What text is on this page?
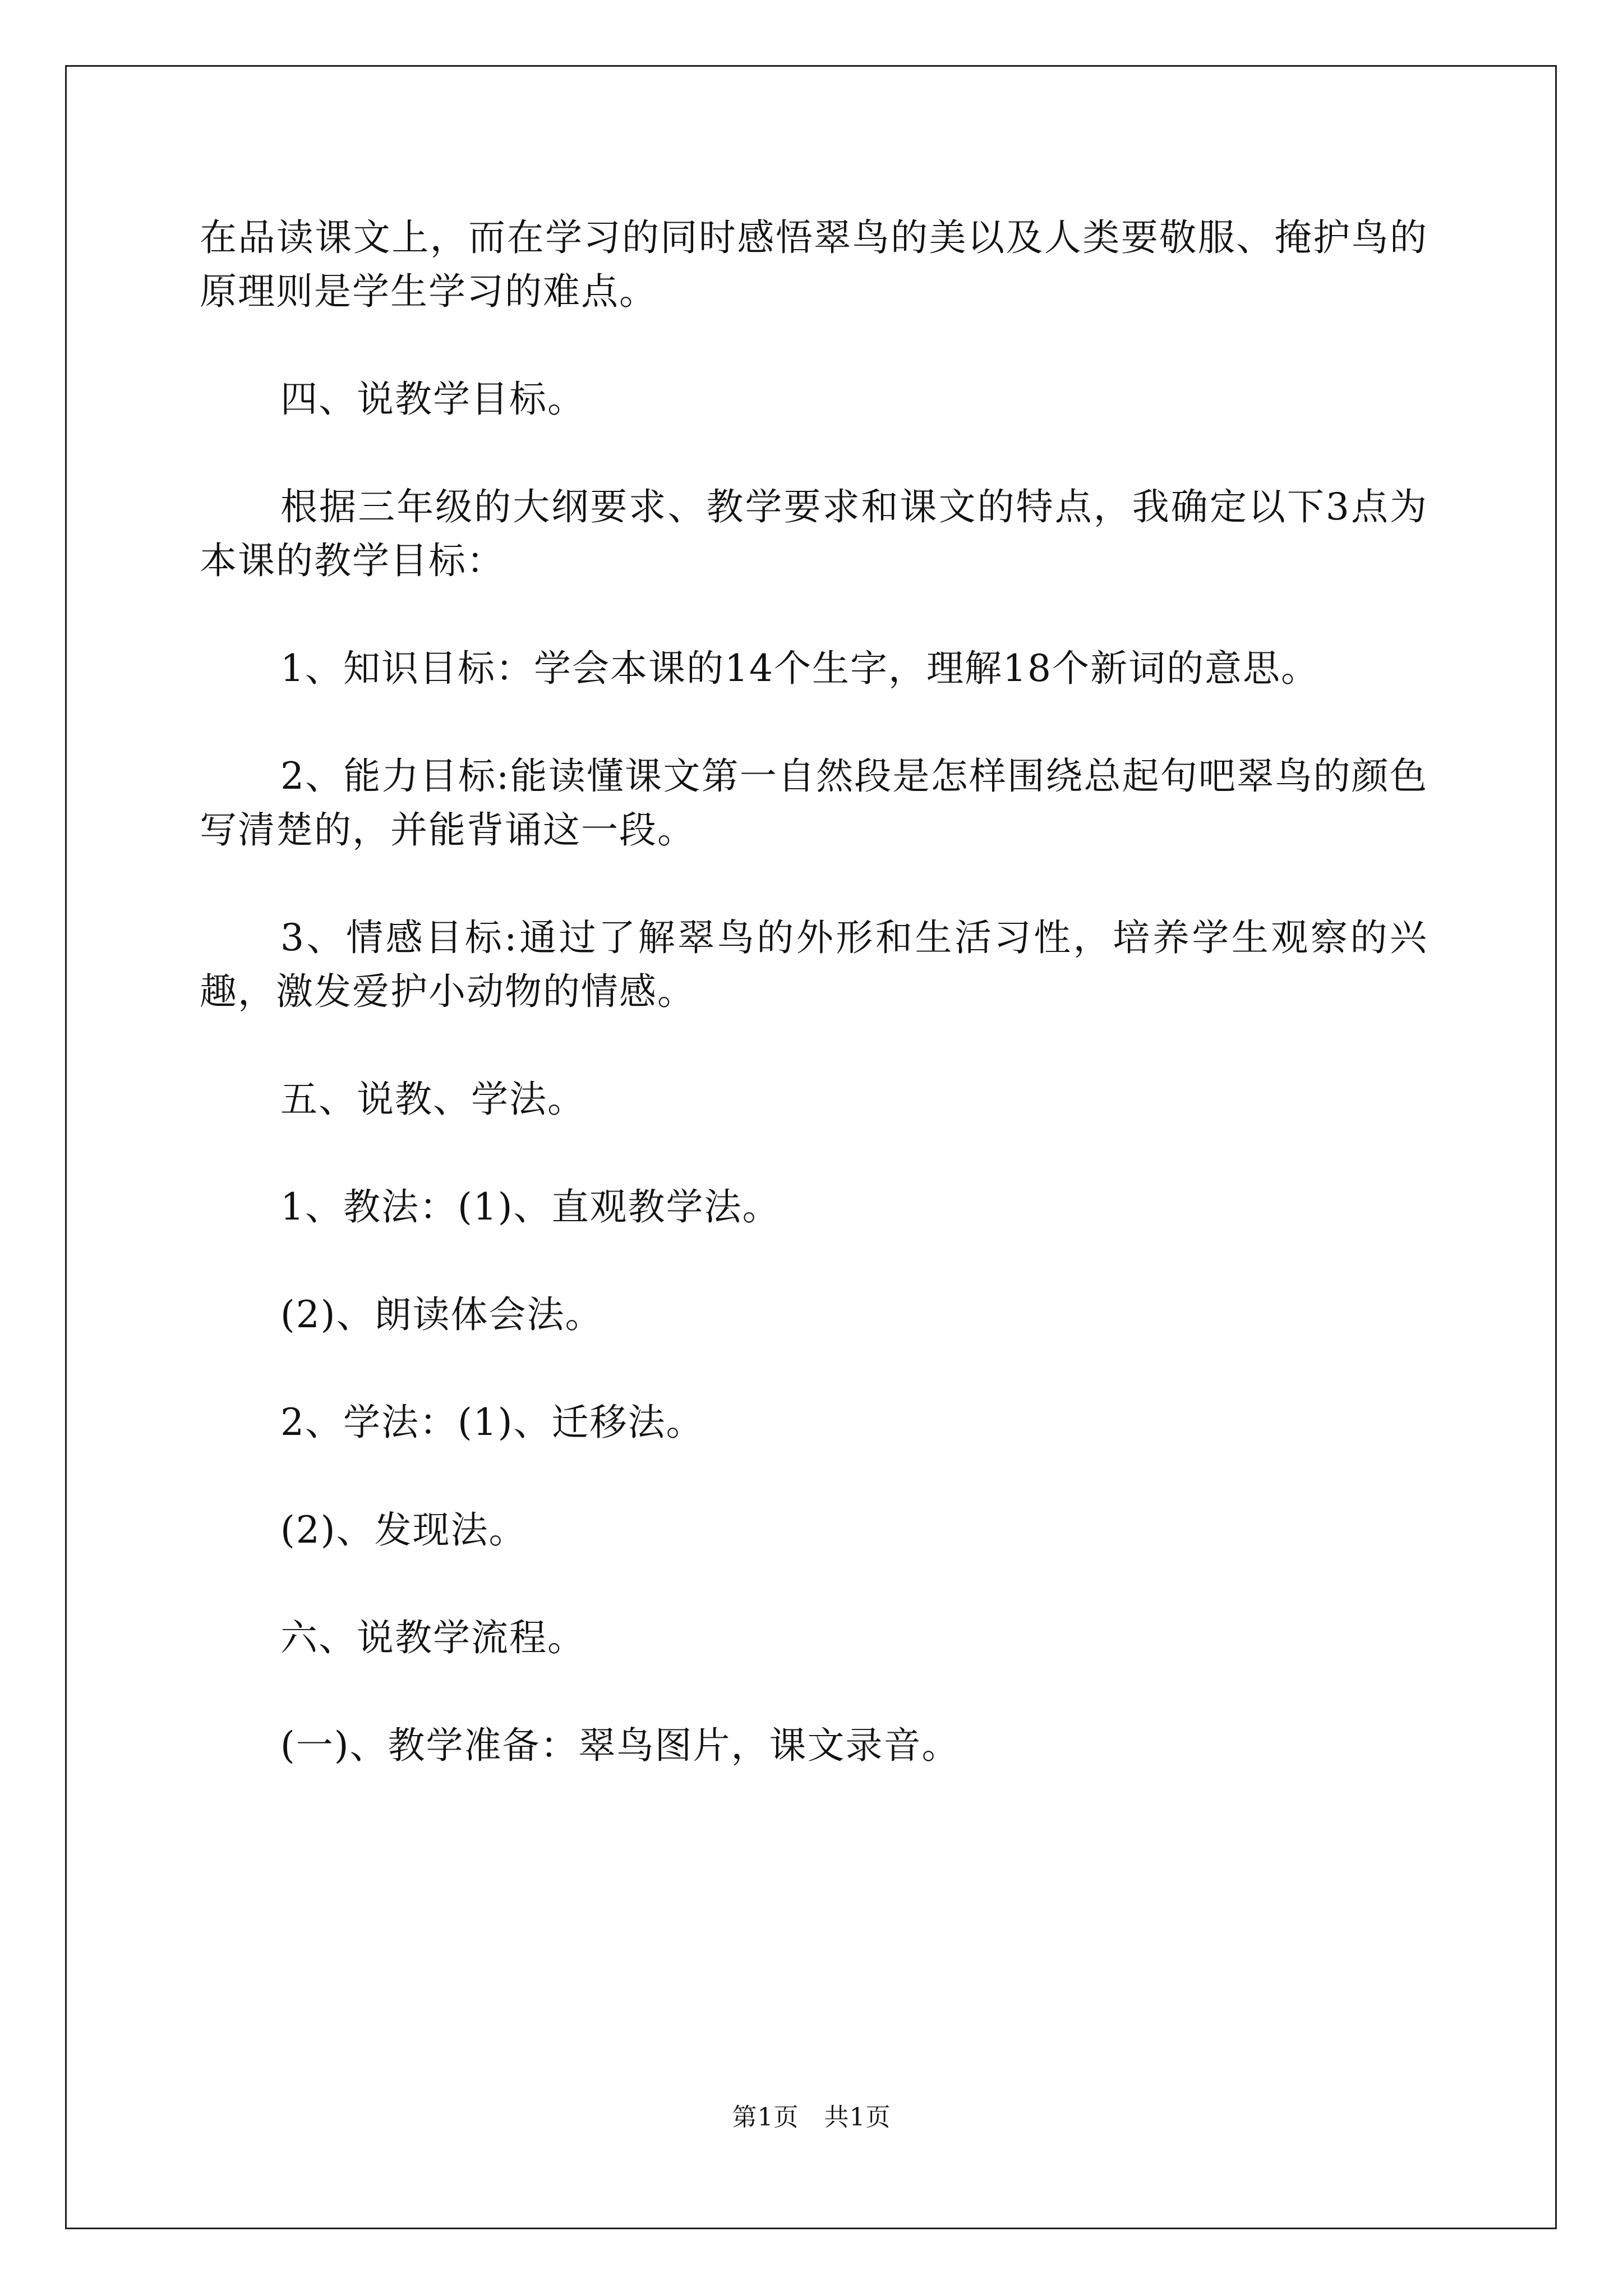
在品读课文上，而在学习的同时感悟翠鸟的美以及人类要敬服、掩护鸟的原理则是学生学习的难点。

四、说教学目标。

根据三年级的大纲要求、教学要求和课文的特点，我确定以下3点为本课的教学目标：

1、知识目标：学会本课的14个生字，理解18个新词的意思。

2、能力目标:能读懂课文第一自然段是怎样围绕总起句吧翠鸟的颜色写清楚的，并能背诵这一段。

3、情感目标:通过了解翠鸟的外形和生活习性，培养学生观察的兴趣，激发爱护小动物的情感。

五、说教、学法。

1、教法：(1)、直观教学法。

(2)、朗读体会法。

2、学法：(1)、迁移法。

(2)、发现法。

六、说教学流程。

(一)、教学准备：翠鸟图片，课文录音。

第1页　共1页
